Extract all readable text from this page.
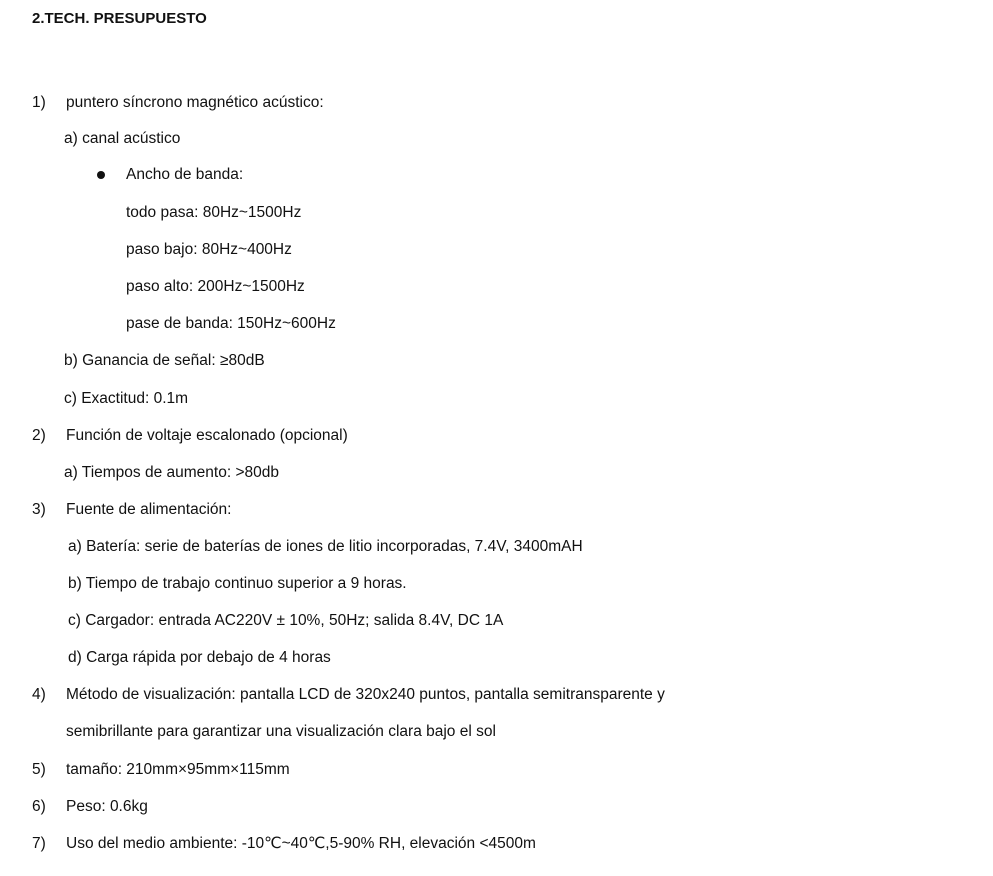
2.TECH. PRESUPUESTO
1) puntero síncrono magnético acústico:
a) canal acústico
Ancho de banda:
todo pasa: 80Hz~1500Hz
paso bajo: 80Hz~400Hz
paso alto: 200Hz~1500Hz
pase de banda: 150Hz~600Hz
b) Ganancia de señal: ≥80dB
c) Exactitud: 0.1m
2) Función de voltaje escalonado (opcional)
a) Tiempos de aumento: >80db
3) Fuente de alimentación:
a) Batería: serie de baterías de iones de litio incorporadas, 7.4V, 3400mAH
b) Tiempo de trabajo continuo superior a 9 horas.
c) Cargador: entrada AC220V ± 10%, 50Hz; salida 8.4V, DC 1A
d) Carga rápida por debajo de 4 horas
4) Método de visualización: pantalla LCD de 320x240 puntos, pantalla semitransparente y
semibrillante para garantizar una visualización clara bajo el sol
5) tamaño: 210mm×95mm×115mm
6) Peso: 0.6kg
7) Uso del medio ambiente: -10℃~40℃,5-90% RH, elevación <4500m
